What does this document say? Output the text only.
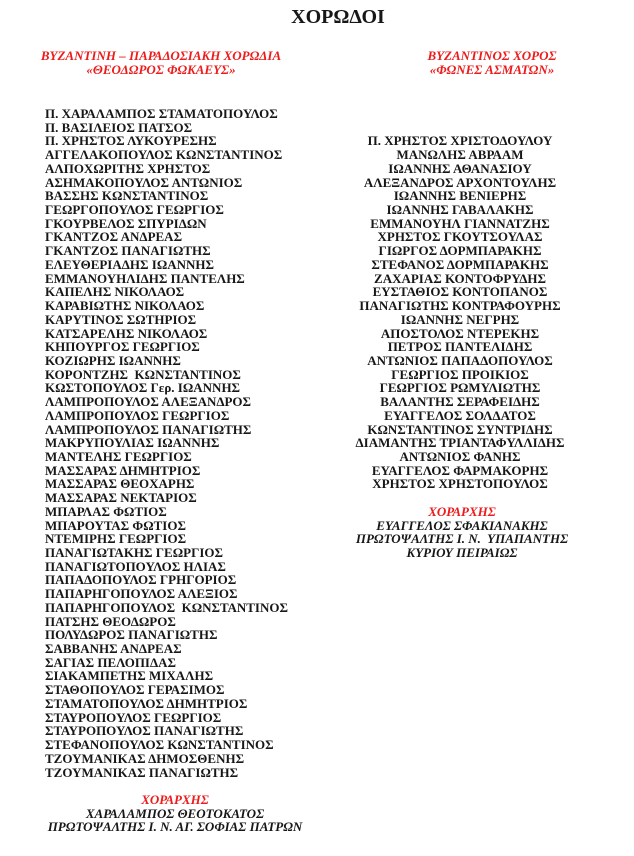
ΧΟΡΩΔΟΙ
ΒΥΖΑΝΤΙΝΗ – ΠΑΡΑΔΟΣΙΑΚΗ ΧΟΡΩΔΙΑ
«ΘΕΟΔΩΡΟΣ ΦΩΚΑΕΥΣ»
ΒΥΖΑΝΤΙΝΟΣ ΧΟΡΟΣ
«ΦΩΝΕΣ ΑΣΜΑΤΩΝ»
Π. ΧΑΡΑΛΑΜΠΟΣ ΣΤΑΜΑΤΟΠΟΥΛΟΣ
Π. ΒΑΣΙΛΕΙΟΣ ΠΑΤΣΟΣ
Π. ΧΡΗΣΤΟΣ ΛΥΚΟΥΡΕΣΗΣ
ΑΓΓΕΛΑΚΟΠΟΥΛΟΣ ΚΩΝΣΤΑΝΤΙΝΟΣ
ΑΛΠΟΧΩΡΙΤΗΣ ΧΡΗΣΤΟΣ
ΑΣΗΜΑΚΟΠΟΥΛΟΣ ΑΝΤΩΝΙΟΣ
ΒΑΣΣΗΣ ΚΩΝΣΤΑΝΤΙΝΟΣ
ΓΕΩΡΓΟΠΟΥΛΟΣ ΓΕΩΡΓΙΟΣ
ΓΚΟΥΡΒΕΛΟΣ ΣΠΥΡΙΔΩΝ
ΓΚΑΝΤΖΟΣ ΑΝΔΡΕΑΣ
ΓΚΑΝΤΖΟΣ ΠΑΝΑΓΙΩΤΗΣ
ΕΛΕΥΘΕΡΙΑΔΗΣ ΙΩΑΝΝΗΣ
ΕΜΜΑΝΟΥΗΛΙΔΗΣ ΠΑΝΤΕΛΗΣ
ΚΑΠΕΛΗΣ ΝΙΚΟΛΑΟΣ
ΚΑΡΑΒΙΩΤΗΣ ΝΙΚΟΛΑΟΣ
ΚΑΡΥΤΙΝΟΣ ΣΩΤΗΡΙΟΣ
ΚΑΤΣΑΡΕΛΗΣ ΝΙΚΟΛΑΟΣ
ΚΗΠΟΥΡΓΟΣ ΓΕΩΡΓΙΟΣ
ΚΟΖΙΩΡΗΣ ΙΩΑΝΝΗΣ
ΚΟΡΟΝΤΖΗΣ  ΚΩΝΣΤΑΝΤΙΝΟΣ
ΚΩΣΤΟΠΟΥΛΟΣ Γερ. ΙΩΑΝΝΗΣ
ΛΑΜΠΡΟΠΟΥΛΟΣ ΑΛΕΞΑΝΔΡΟΣ
ΛΑΜΠΡΟΠΟΥΛΟΣ ΓΕΩΡΓΙΟΣ
ΛΑΜΠΡΟΠΟΥΛΟΣ ΠΑΝΑΓΙΩΤΗΣ
ΜΑΚΡΥΠΟΥΛΙΑΣ ΙΩΑΝΝΗΣ
ΜΑΝΤΕΛΗΣ ΓΕΩΡΓΙΟΣ
ΜΑΣΣΑΡΑΣ ΔΗΜΗΤΡΙΟΣ
ΜΑΣΣΑΡΑΣ ΘΕΟΧΑΡΗΣ
ΜΑΣΣΑΡΑΣ ΝΕΚΤΑΡΙΟΣ
ΜΠΑΡΛΑΣ ΦΩΤΙΟΣ
ΜΠΑΡΟΥΤΑΣ ΦΩΤΙΟΣ
ΝΤΕΜΙΡΗΣ ΓΕΩΡΓΙΟΣ
ΠΑΝΑΓΙΩΤΑΚΗΣ ΓΕΩΡΓΙΟΣ
ΠΑΝΑΓΙΩΤΟΠΟΥΛΟΣ ΗΛΙΑΣ
ΠΑΠΑΔΟΠΟΥΛΟΣ ΓΡΗΓΟΡΙΟΣ
ΠΑΠΑΡΗΓΟΠΟΥΛΟΣ ΑΛΕΞΙΟΣ
ΠΑΠΑΡΗΓΟΠΟΥΛΟΣ  ΚΩΝΣΤΑΝΤΙΝΟΣ
ΠΑΤΣΗΣ ΘΕΟΔΩΡΟΣ
ΠΟΛΥΔΩΡΟΣ ΠΑΝΑΓΙΩΤΗΣ
ΣΑΒΒΑΝΗΣ ΑΝΔΡΕΑΣ
ΣΑΓΙΑΣ ΠΕΛΟΠΙΔΑΣ
ΣΙΑΚΑΜΠΕΤΗΣ ΜΙΧΑΛΗΣ
ΣΤΑΘΟΠΟΥΛΟΣ ΓΕΡΑΣΙΜΟΣ
ΣΤΑΜΑΤΟΠΟΥΛΟΣ ΔΗΜΗΤΡΙΟΣ
ΣΤΑΥΡΟΠΟΥΛΟΣ ΓΕΩΡΓΙΟΣ
ΣΤΑΥΡΟΠΟΥΛΟΣ ΠΑΝΑΓΙΩΤΗΣ
ΣΤΕΦΑΝΟΠΟΥΛΟΣ ΚΩΝΣΤΑΝΤΙΝΟΣ
ΤΖΟΥΜΑΝΙΚΑΣ ΔΗΜΟΣΘΕΝΗΣ
ΤΖΟΥΜΑΝΙΚΑΣ ΠΑΝΑΓΙΩΤΗΣ
Π. ΧΡΗΣΤΟΣ ΧΡΙΣΤΟΔΟΥΛΟΥ
ΜΑΝΩΛΗΣ ΑΒΡΑΑΜ
ΙΩΑΝΝΗΣ ΑΘΑΝΑΣΙΟΥ
ΑΛΕΞΑΝΔΡΟΣ ΑΡΧΟΝΤΟΥΛΗΣ
ΙΩΑΝΝΗΣ ΒΕΝΙΕΡΗΣ
ΙΩΑΝΝΗΣ ΓΑΒΑΛΑΚΗΣ
ΕΜΜΑΝΟΥΗΛ ΓΙΑΝΝΑΤΖΗΣ
ΧΡΗΣΤΟΣ ΓΚΟΥΤΣΟΥΛΑΣ
ΓΙΩΡΓΟΣ ΔΟΡΜΠΑΡΑΚΗΣ
ΣΤΕΦΑΝΟΣ ΔΟΡΜΠΑΡΑΚΗΣ
ΖΑΧΑΡΙΑΣ ΚΟΝΤΟΦΡΥΔΗΣ
ΕΥΣΤΑΘΙΟΣ ΚΟΝΤΟΠΑΝΟΣ
ΠΑΝΑΓΙΩΤΗΣ ΚΟΝΤΡΑΦΟΥΡΗΣ
ΙΩΑΝΝΗΣ ΝΕΓΡΗΣ
ΑΠΟΣΤΟΛΟΣ ΝΤΕΡΕΚΗΣ
ΠΕΤΡΟΣ ΠΑΝΤΕΛΙΔΗΣ
ΑΝΤΩΝΙΟΣ ΠΑΠΑΔΟΠΟΥΛΟΣ
ΓΕΩΡΓΙΟΣ ΠΡΟΙΚΙΟΣ
ΓΕΩΡΓΙΟΣ ΡΩΜΥΛΙΩΤΗΣ
ΒΑΛΑΝΤΗΣ ΣΕΡΑΦΕΙΔΗΣ
ΕΥΑΓΓΕΛΟΣ ΣΟΛΔΑΤΟΣ
ΚΩΝΣΤΑΝΤΙΝΟΣ ΣΥΝΤΡΙΔΗΣ
ΔΙΑΜΑΝΤΗΣ ΤΡΙΑΝΤΑΦΥΛΛΙΔΗΣ
ΑΝΤΩΝΙΟΣ ΦΑΝΗΣ
ΕΥΑΓΓΕΛΟΣ ΦΑΡΜΑΚΟΡΗΣ
ΧΡΗΣΤΟΣ ΧΡΗΣΤΟΠΟΥΛΟΣ
ΧΟΡΑΡΧΗΣ
ΕΥΑΓΓΕΛΟΣ ΣΦΑΚΙΑΝΑΚΗΣ
ΠΡΩΤΟΨΑΛΤΗΣ Ι. Ν.  ΥΠΑΠΑΝΤΗΣ
ΚΥΡΙΟΥ ΠΕΙΡΑΙΩΣ
ΧΟΡΑΡΧΗΣ
ΧΑΡΑΛΑΜΠΟΣ ΘΕΟΤΟΚΑΤΟΣ
ΠΡΩΤΟΨΑΛΤΗΣ Ι. Ν. ΑΓ. ΣΟΦΙΑΣ ΠΑΤΡΩΝ
